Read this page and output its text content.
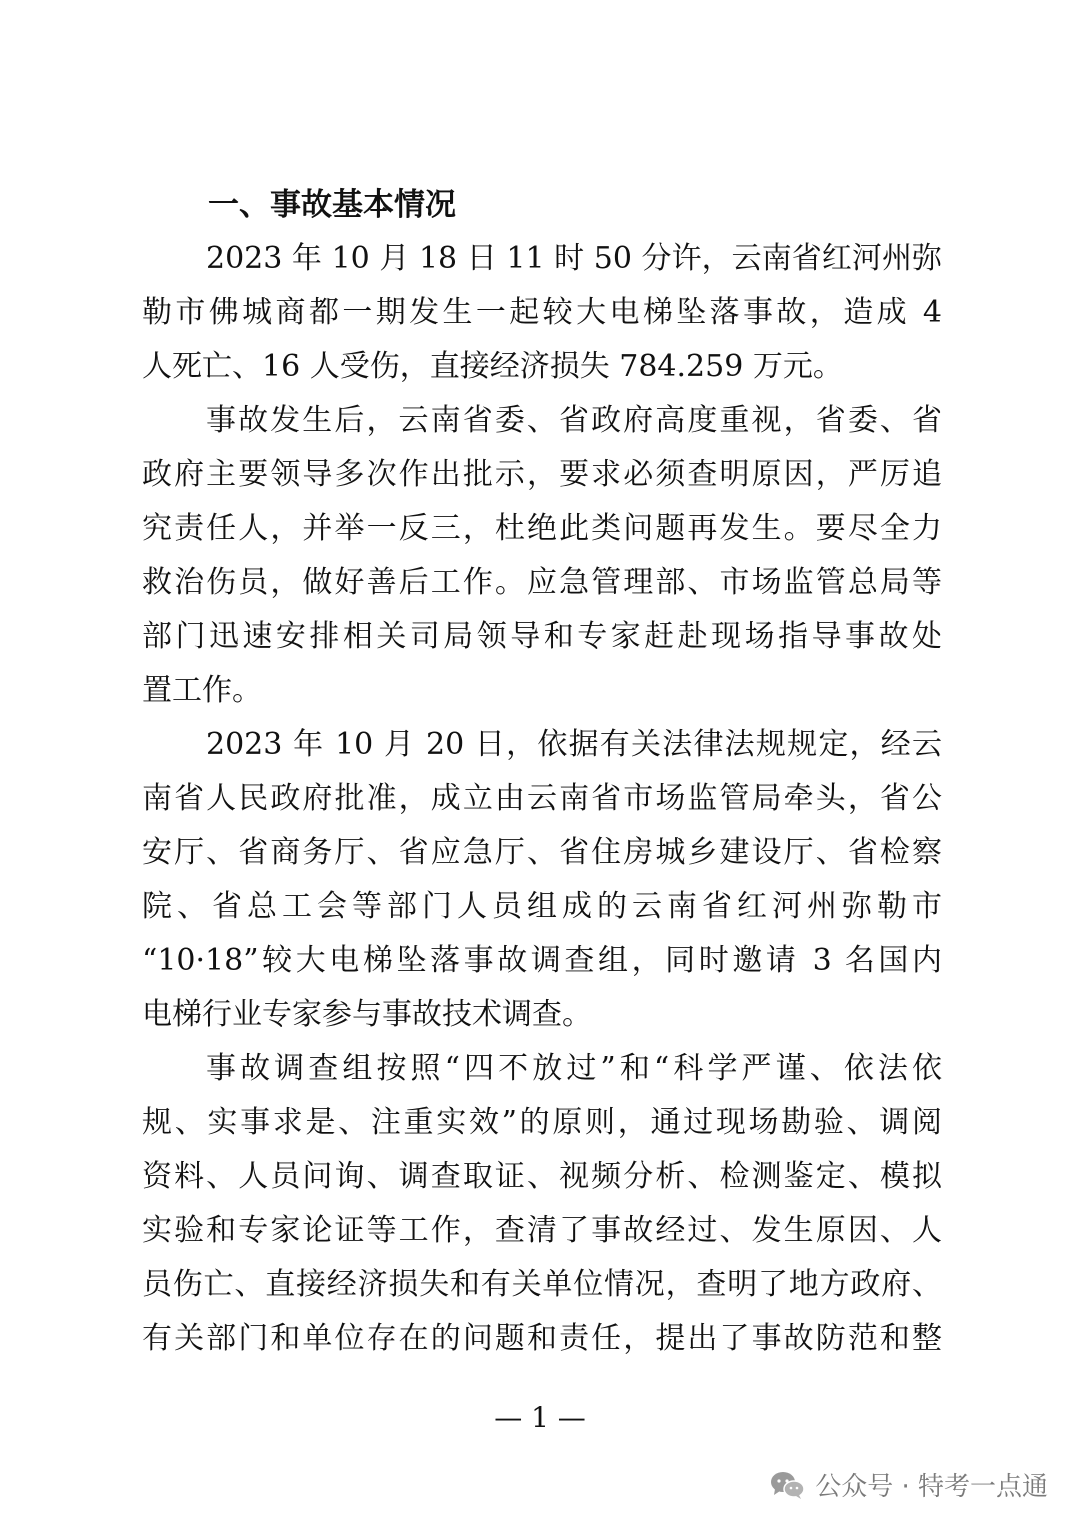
一、事故基本情况

2023 年 10 月 18 日 11 时 50 分许，云南省红河州弥
勒市佛城商都一期发生一起较大电梯坠落事故，造成 4
人死亡、16 人受伤，直接经济损失 784.259 万元。

事故发生后，云南省委、省政府高度重视，省委、省
政府主要领导多次作出批示，要求必须查明原因，严厉追
究责任人，并举一反三，杜绝此类问题再发生。要尽全力
救治伤员，做好善后工作。应急管理部、市场监管总局等
部门迅速安排相关司局领导和专家赶赴现场指导事故处
置工作。

2023 年 10 月 20 日，依据有关法律法规规定，经云
南省人民政府批准，成立由云南省市场监管局牵头，省公
安厅、省商务厅、省应急厅、省住房城乡建设厅、省检察
院、省总工会等部门人员组成的云南省红河州弥勒市
“10·18”较大电梯坠落事故调查组，同时邀请 3 名国内
电梯行业专家参与事故技术调查。

事故调查组按照“四不放过”和“科学严谨、依法依
规、实事求是、注重实效”的原则，通过现场勘验、调阅
资料、人员问询、调查取证、视频分析、检测鉴定、模拟
实验和专家论证等工作，查清了事故经过、发生原因、人
员伤亡、直接经济损失和有关单位情况，查明了地方政府、
有关部门和单位存在的问题和责任，提出了事故防范和整

— 1 —
公众号 · 特考一点通
